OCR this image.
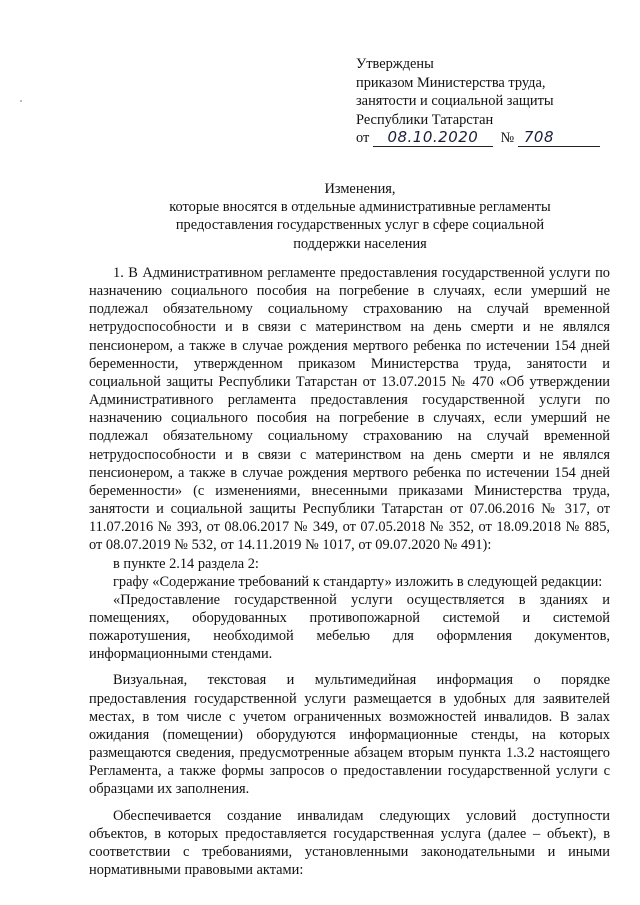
Утверждены
приказом Министерства труда,
занятости и социальной защиты
Республики Татарстан
от 08.10.2020 № 708
Изменения,
которые вносятся в отдельные административные регламенты
предоставления государственных услуг в сфере социальной
поддержки населения

1. В Административном регламенте предоставления государственной услуги по назначению социального пособия на погребение в случаях, если умерший не подлежал обязательному социальному страхованию на случай временной нетрудоспособности и в связи с материнством на день смерти и не являлся пенсионером, а также в случае рождения мертвого ребенка по истечении 154 дней беременности, утвержденном приказом Министерства труда, занятости и социальной защиты Республики Татарстан от 13.07.2015 № 470 «Об утверждении Административного регламента предоставления государственной услуги по назначению социального пособия на погребение в случаях, если умерший не подлежал обязательному социальному страхованию на случай временной нетрудоспособности и в связи с материнством на день смерти и не являлся пенсионером, а также в случае рождения мертвого ребенка по истечении 154 дней беременности» (с изменениями, внесенными приказами Министерства труда, занятости и социальной защиты Республики Татарстан от 07.06.2016 № 317, от 11.07.2016 № 393, от 08.06.2017 № 349, от 07.05.2018 № 352, от 18.09.2018 № 885, от 08.07.2019 № 532, от 14.11.2019 № 1017, от 09.07.2020 № 491):

в пункте 2.14 раздела 2:

графу «Содержание требований к стандарту» изложить в следующей редакции:

«Предоставление государственной услуги осуществляется в зданиях и помещениях, оборудованных противопожарной системой и системой пожаротушения, необходимой мебелью для оформления документов, информационными стендами.

Визуальная, текстовая и мультимедийная информация о порядке предоставления государственной услуги размещается в удобных для заявителей местах, в том числе с учетом ограниченных возможностей инвалидов. В залах ожидания (помещении) оборудуются информационные стенды, на которых размещаются сведения, предусмотренные абзацем вторым пункта 1.3.2 настоящего Регламента, а также формы запросов о предоставлении государственной услуги с образцами их заполнения.

Обеспечивается создание инвалидам следующих условий доступности объектов, в которых предоставляется государственная услуга (далее – объект), в соответствии с требованиями, установленными законодательными и иными нормативными правовыми актами:
